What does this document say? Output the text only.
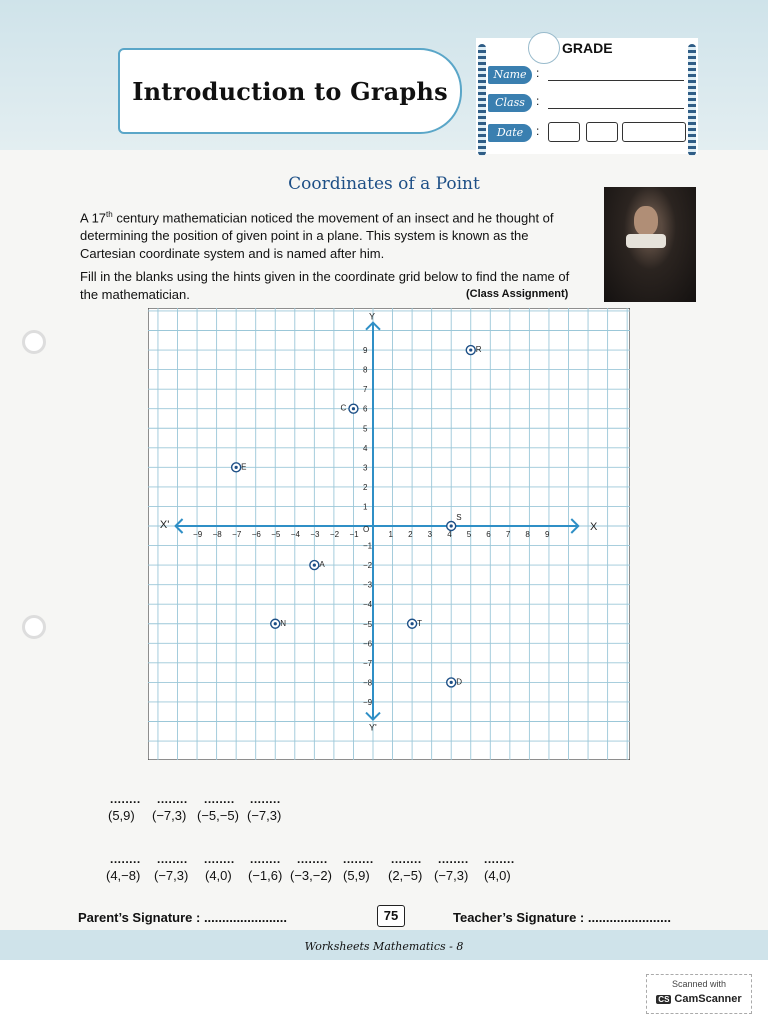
Introduction to Graphs
GRADE
Name :
Class :
Date	:
Coordinates of a Point
A 17th century mathematician noticed the movement of an insect and he thought of determining the position of given point in a plane. This system is known as the Cartesian coordinate system and is named after him.
Fill in the blanks using the hints given in the coordinate grid below to find the name of the mathematician.	(Class Assignment)
X
X'
Y
Y'
O
−9 −8 −7 −6 −5 −4 −3 −2 −1	1 2 3 4 5 6 7 8 9
9
8
7
6
5
4
3
2
1
−1
−2
−3
−4
−5
−6
−7
−8
−9
R
C
E
S
A
N	T
D
........ ........ ........ ........
(5,9) (−7,3) (−5,−5) (−7,3)
........ ........ ........ ........ ........ ........ ........ ........ ........
(4,−8) (−7,3) (4,0) (−1,6) (−3,−2) (5,9) (2,−5) (−7,3) (4,0)
Parent’s Signature : .......................	75	Teacher’s Signature : .......................
Worksheets Mathematics - 8
Scanned with
CS CamScanner
